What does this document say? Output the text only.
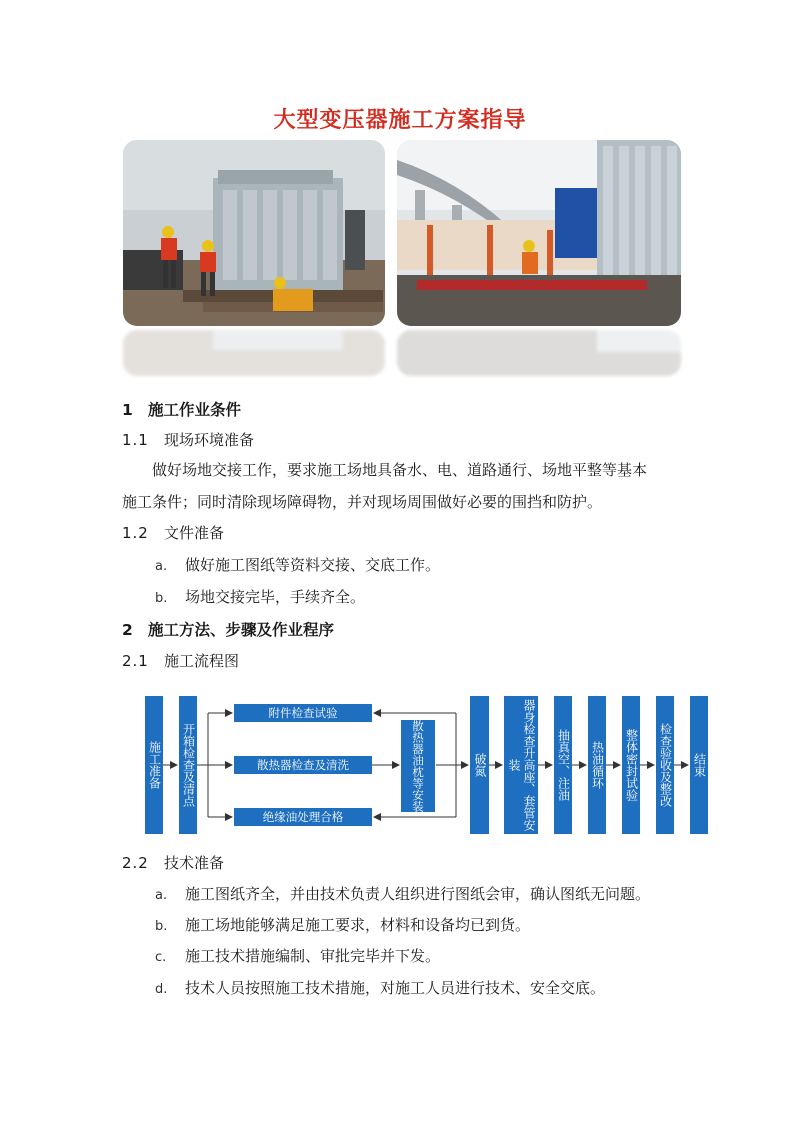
大型变压器施工方案指导
1 施工作业条件
1.1 现场环境准备
做好场地交接工作，要求施工场地具备水、电、道路通行、场地平整等基本
施工条件；同时清除现场障碍物，并对现场周围做好必要的围挡和防护。
1.2 文件准备
a. 做好施工图纸等资料交接、交底工作。
b. 场地交接完毕，手续齐全。
2 施工方法、步骤及作业程序
2.1 施工流程图
施工准备 开箱检查及清点
附件检查试验
散热器检查及清洗
绝缘油处理合格
散热器油枕等安装	破氮	器身检查升高座、套管安装	抽真空、注油 热油循环 整体密封试验 检查验收及整改 结束
2.2 技术准备
a. 施工图纸齐全，并由技术负责人组织进行图纸会审，确认图纸无问题。
b. 施工场地能够满足施工要求，材料和设备均已到货。
c. 施工技术措施编制、审批完毕并下发。
d. 技术人员按照施工技术措施，对施工人员进行技术、安全交底。
